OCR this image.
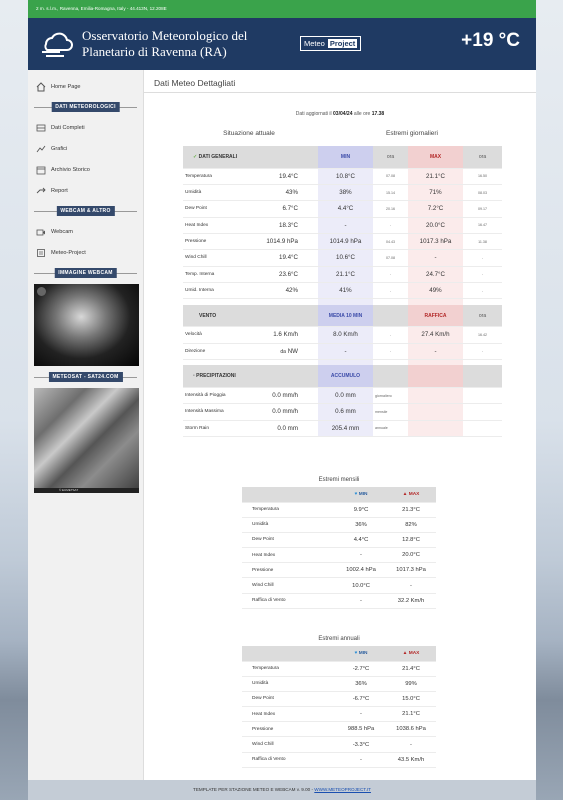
2 m. s.l.m., Ravenna, Emilia-Romagna, Italy - 44.413N, 12.208E
Osservatorio Meteorologico del
Planetario di Ravenna (RA)
Meteo Project	+19 °C
Home Page
DATI METEOROLOGICI
Dati Completi
Grafici
Archivio Storico
Report
WEBCAM & ALTRO
Webcam
Meteo-Project
IMMAGINE WEBCAM
METEOSAT - SAT24.COM
© EUMETSAT
Dati Meteo Dettagliati
Dati aggiornati il 03/04/24 alle ore 17.38
Situazione attuale	Estremi giornalieri
✓ DATI GENERALI			MIN	ora	MAX	ora
Temperatura	19.4°C		10.8°C	07.08	21.1°C	16.50
Umidità	43%		38%	15.14	71%	08.03
Dew Point	6.7°C		4.4°C	20.16	7.2°C	09.17
Heat Index	18.3°C		-	-	20.0°C	16.47
Pressione	1014.9 hPa		1014.9 hPa	04.43	1017.3 hPa	11.38
Wind Chill	19.4°C		10.6°C	07.08	-	-
Temp. Interna	23.6°C		21.1°C	-	24.7°C	-
Umid. Interna	42%		41%	-	49%	-

VENTO			MEDIA 10 MIN		RAFFICA	ora
Velocità	1.6 Km/h		8.0 Km/h	-	27.4 Km/h	16.42
Direzione	da NW		-	-	-	-

• PRECIPITAZIONI			ACCUMULO			
Intensità di Pioggia	0.0 mm/h		0.0 mm	giornaliero		
Intensità Massima	0.0 mm/h		0.6 mm	mensile		
Storm Rain	0.0 mm		205.4 mm	annuale		
Estremi mensili
	♥ MIN	▲ MAX
Temperatura	9.9°C	21.3°C
Umidità	36%	82%
Dew Point	4.4°C	12.8°C
Heat Index	-	20.0°C
Pressione	1002.4 hPa	1017.3 hPa
Wind Chill	10.0°C	-
Raffica di Vento	-	32.2 Km/h
Estremi annuali
	♥ MIN	▲ MAX
Temperatura	-2.7°C	21.4°C
Umidità	36%	99%
Dew Point	-6.7°C	15.0°C
Heat Index	-	21.1°C
Pressione	988.5 hPa	1038.6 hPa
Wind Chill	-3.3°C	-
Raffica di Vento	-	43.5 Km/h
TEMPLATE PER STAZIONE METEO E WEBCAM v. 9.00 - WWW.METEOPROJECT.IT
